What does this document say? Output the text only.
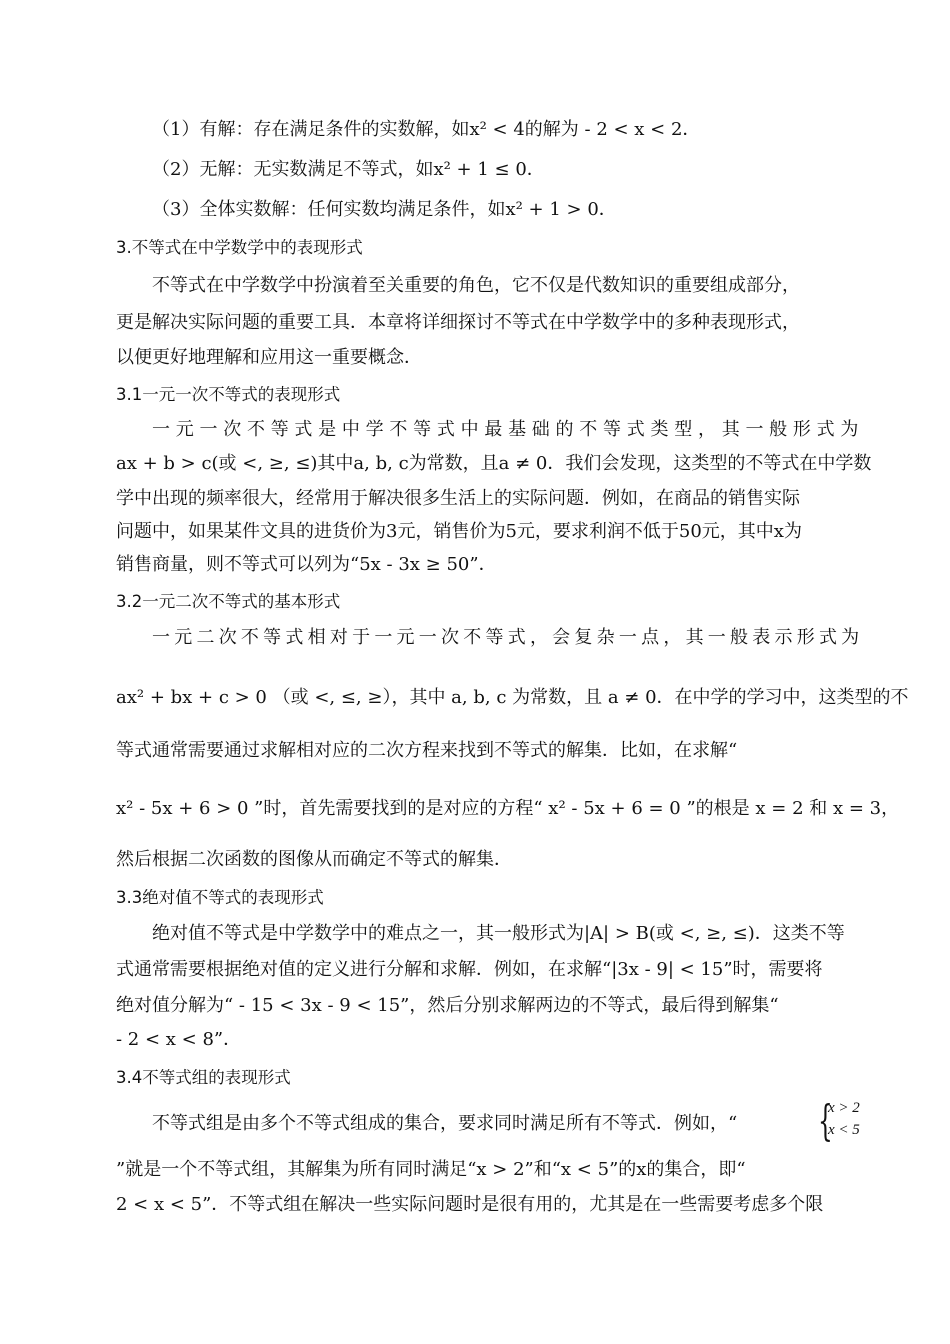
（1）有解：存在满足条件的实数解，如x² < 4的解为 - 2 < x < 2．
（2）无解：无实数满足不等式，如x² + 1 ≤ 0．
（3）全体实数解：任何实数均满足条件，如x² + 1 > 0．
3.不等式在中学数学中的表现形式
不等式在中学数学中扮演着至关重要的角色，它不仅是代数知识的重要组成部分，
更是解决实际问题的重要工具．本章将详细探讨不等式在中学数学中的多种表现形式，
以便更好地理解和应用这一重要概念．
3.1一元一次不等式的表现形式
一元一次不等式是中学不等式中最基础的不等式类型，其一般形式为
ax + b > c(或 <, ≥, ≤)其中a, b, c为常数，且a ≠ 0．我们会发现，这类型的不等式在中学数
学中出现的频率很大，经常用于解决很多生活上的实际问题．例如，在商品的销售实际
问题中，如果某件文具的进货价为3元，销售价为5元，要求利润不低于50元，其中x为
销售商量，则不等式可以列为“5x - 3x ≥ 50”．
3.2一元二次不等式的基本形式
一元二次不等式相对于一元一次不等式，会复杂一点，其一般表示形式为
ax² + bx + c > 0 （或 <, ≤, ≥），其中 a, b, c 为常数，且 a ≠ 0．在中学的学习中，这类型的不
等式通常需要通过求解相对应的二次方程来找到不等式的解集．比如，在求解“
x² - 5x + 6 > 0 ”时，首先需要找到的是对应的方程“ x² - 5x + 6 = 0 ”的根是 x = 2 和 x = 3，
然后根据二次函数的图像从而确定不等式的解集．
3.3绝对值不等式的表现形式
绝对值不等式是中学数学中的难点之一，其一般形式为|A| > B(或 <, ≥, ≤)．这类不等
式通常需要根据绝对值的定义进行分解和求解．例如，在求解“|3x - 9| < 15”时，需要将
绝对值分解为“ - 15 < 3x - 9 < 15”，然后分别求解两边的不等式，最后得到解集“
- 2 < x < 8”．
3.4不等式组的表现形式
不等式组是由多个不等式组成的集合，要求同时满足所有不等式．例如，“	{
x > 2
x < 5
”就是一个不等式组，其解集为所有同时满足“x > 2”和“x < 5”的x的集合，即“
2 < x < 5”．不等式组在解决一些实际问题时是很有用的，尤其是在一些需要考虑多个限
